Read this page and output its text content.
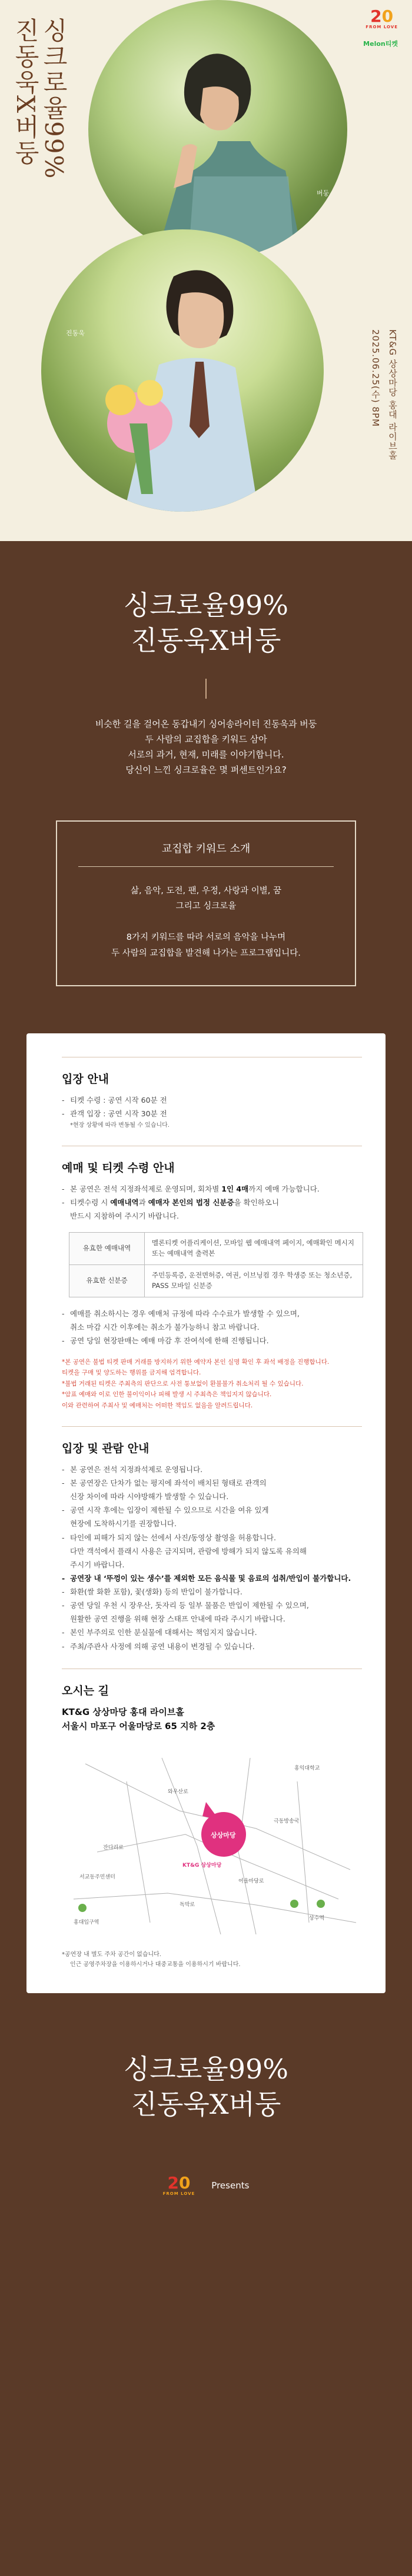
버둥
진동욱
진동욱X버둥 싱크로율99%
20
FROM LOVE
Melon티켓
2025.06.25(수) 8PM KT&G 상상마당 홍대 라이브홀
싱크로율99%
진동욱X버둥
비슷한 길을 걸어온 동갑내기 싱어송라이터 진동욱과 버둥
두 사람의 교집합을 키워드 삼아
서로의 과거, 현재, 미래를 이야기합니다.
당신이 느낀 싱크로율은 몇 퍼센트인가요?
교집합 키워드 소개

삶, 음악, 도전, 팬, 우정, 사랑과 이별, 꿈

그리고 싱크로율

8가지 키워드를 따라 서로의 음악을 나누며

두 사람의 교집합을 발견해 나가는 프로그램입니다.

입장 안내
- 티켓 수령 : 공연 시작 60분 전
- 관객 입장 : 공연 시작 30분 전
*현장 상황에 따라 변동될 수 있습니다.
예매 및 티켓 수령 안내
- 본 공연은 전석 지정좌석제로 운영되며, 회차별 1인 4매까지 예매 가능합니다.
- 티켓수령 시 예매내역과 예매자 본인의 법정 신분증을 확인하오니
- 반드시 지참하여 주시기 바랍니다.
유효한 예매내역	멜론티켓 어플리케이션, 모바일 웹 예매내역 페이지, 예매확인 메시지 또는 예매내역 출력본
유효한 신분증	주민등록증, 운전면허증, 여권, 이브닝컴 경우 학생증 또는 청소년증, PASS 모바일 신분증
- 예매를 취소하시는 경우 예매처 규정에 따라 수수료가 발생할 수 있으며,
취소 마감 시간 이후에는 취소가 불가능하니 참고 바랍니다.
- 공연 당일 현장판매는 예매 마감 후 잔여석에 한해 진행됩니다.
*본 공연은 불법 티켓 판매 거래를 방지하기 위한 예약자 본인 실명 확인 후 좌석 배정을 진행합니다.
티켓을 구매 및 양도하는 행위를 금지해 엄격합니다.
*불법 거래된 티켓은 주최측의 판단으로 사전 통보없이 환불불가 취소처리 될 수 있습니다.
*암표 예매와 이로 인한 불이익이나 피해 발생 시 주최측은 책임지지 않습니다.
이와 관련하여 주최사 및 예매처는 어떠한 책임도 없음을 알려드립니다.
입장 및 관람 안내
- 본 공연은 전석 지정좌석제로 운영됩니다.
- 본 공연장은 단차가 없는 평지에 좌석이 배치된 형태로 관객의
신장 차이에 따라 시야방해가 발생할 수 있습니다.
- 공연 시작 후에는 입장이 제한될 수 있으므로 시간을 여유 있게
현장에 도착하시기를 권장합니다.
- 타인에 피해가 되지 않는 선에서 사진/동영상 촬영을 허용합니다.
다만 객석에서 플래시 사용은 금지되며, 관람에 방해가 되지 않도록 유의해
주시기 바랍니다.
- 공연장 내 ‘뚜껑이 있는 생수’를 제외한 모든 음식물 및 음료의 섭취/반입이 불가합니다.
- 화환(쌀 화환 포함), 꽃(생화) 등의 반입이 불가합니다.
- 공연 당일 우천 시 장우산, 돗자리 등 일부 물품은 반입이 제한될 수 있으며,
원활한 공연 진행을 위해 현장 스태프 안내에 따라 주시기 바랍니다.
- 본인 부주의로 인한 분실물에 대해서는 책임지지 않습니다.
- 주최/주관사 사정에 의해 공연 내용이 변경될 수 있습니다.
오시는 길
KT&G 상상마당 홍대 라이브홀
서울시 마포구 어울마당로 65 지하 2층
상상마당
KT&G 상상마당
와우산로
어울마당로
홍대입구역
상수역
잔다리로
독막로
서교동주민센터
극동방송국
홍익대학교
*공연장 내 별도 주차 공간이 없습니다.
인근 공영주차장을 이용하시거나 대중교통을 이용하시기 바랍니다.
싱크로율99%
진동욱X버둥
20
FROM LOVE
Presents
